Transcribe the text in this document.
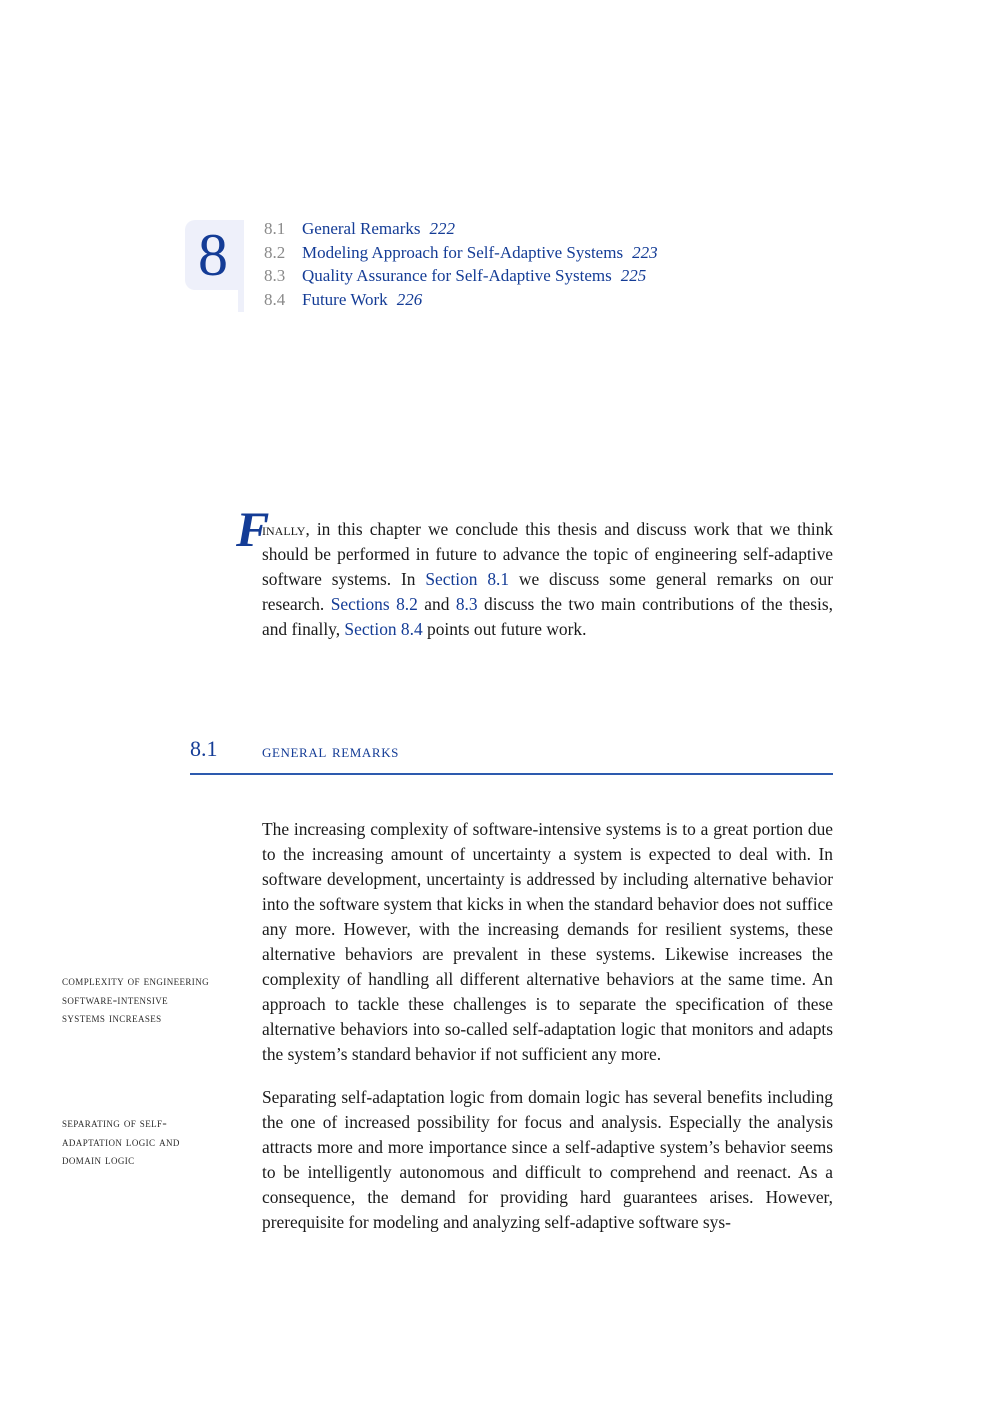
8	8.1 General Remarks 222
8.2 Modeling Approach for Self-Adaptive Systems 223
8.3 Quality Assurance for Self-Adaptive Systems 225
8.4 Future Work 226
F
inally, in this chapter we conclude this thesis and discuss work that we think should be performed in future to advance the topic of engineering self-adaptive software systems. In Section 8.1 we discuss some general remarks on our research. Sections 8.2 and 8.3 discuss the two main contributions of the thesis, and finally, Section 8.4 points out future work.
8.1 general remarks
The increasing complexity of software-intensive systems is to a great portion due to the increasing amount of uncertainty a system is expected to deal with. In software development, uncertainty is addressed by including alternative behavior into the software system that kicks in when the standard behavior does not suffice any more. However, with the increasing demands for resilient systems, these alternative behaviors are prevalent in these systems. Likewise increases the complexity of handling all different alternative behaviors at the same time. An approach to tackle these challenges is to separate the specification of these alternative behaviors into so-called self-adaptation logic that monitors and adapts the system’s standard behavior if not sufficient any more.
Separating self-adaptation logic from domain logic has several benefits including the one of increased possibility for focus and analysis. Especially the analysis attracts more and more importance since a self-adaptive system’s behavior seems to be intelligently autonomous and difficult to comprehend and reenact. As a consequence, the demand for providing hard guarantees arises. However, prerequisite for modeling and analyzing self-adaptive software sys-
complexity of engineering software-intensive systems increases
separating of self-adaptation logic and domain logic
